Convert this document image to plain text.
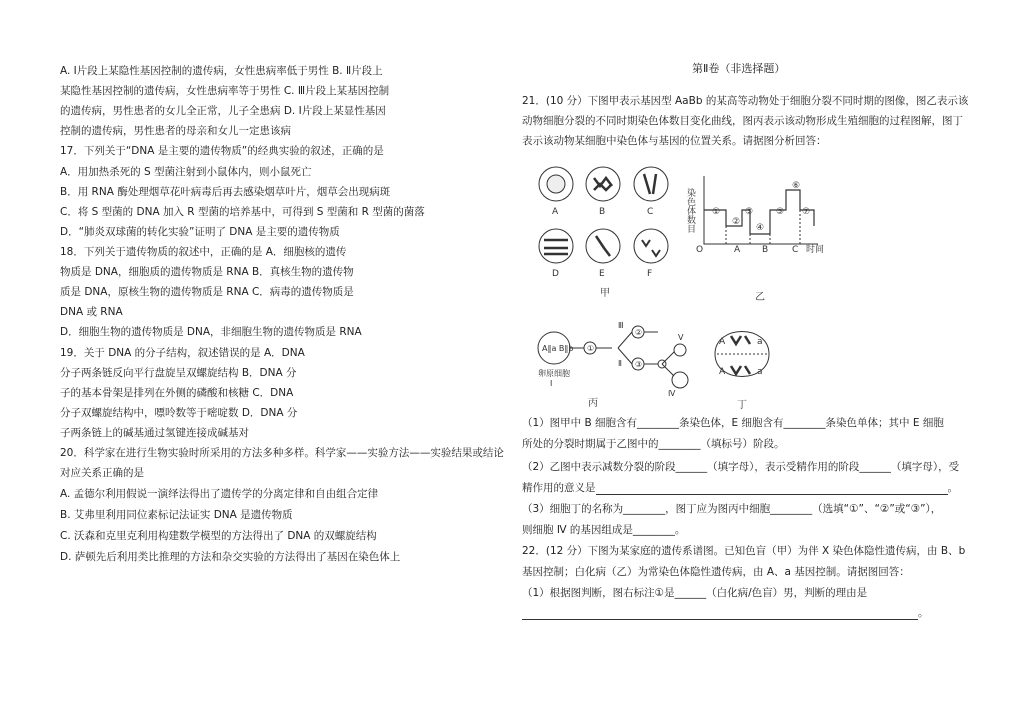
A. Ⅰ片段上某隐性基因控制的遗传病，女性患病率低于男性 B. Ⅱ片段上
某隐性基因控制的遗传病，女性患病率等于男性 C. Ⅲ片段上某基因控制
的遗传病，男性患者的女儿全正常，儿子全患病 D. Ⅰ片段上某显性基因
控制的遗传病，男性患者的母亲和女儿一定患该病
17．下列关于“DNA 是主要的遗传物质”的经典实验的叙述，正确的是
A．用加热杀死的 S 型菌注射到小鼠体内，则小鼠死亡
B．用 RNA 酶处理烟草花叶病毒后再去感染烟草叶片，烟草会出现病斑
C．将 S 型菌的 DNA 加入 R 型菌的培养基中，可得到 S 型菌和 R 型菌的菌落
D．“肺炎双球菌的转化实验”证明了 DNA 是主要的遗传物质
18．下列关于遗传物质的叙述中，正确的是 A．细胞核的遗传
物质是 DNA，细胞质的遗传物质是 RNA B．真核生物的遗传物
质是 DNA，原核生物的遗传物质是 RNA C．病毒的遗传物质是
DNA 或 RNA
D．细胞生物的遗传物质是 DNA，非细胞生物的遗传物质是 RNA
19．关于 DNA 的分子结构，叙述错误的是 A．DNA
分子两条链反向平行盘旋呈双螺旋结构 B．DNA 分
子的基本骨架是排列在外侧的磷酸和核糖 C．DNA
分子双螺旋结构中，嘌呤数等于嘧啶数 D．DNA 分
子两条链上的碱基通过氢键连接成碱基对
20．科学家在进行生物实验时所采用的方法多种多样。科学家——实验方法——实验结果或结论
对应关系正确的是
A. 孟德尔利用假说一演绎法得出了遗传学的分离定律和自由组合定律
B. 艾弗里利用同位素标记法证实 DNA 是遗传物质
C. 沃森和克里克利用构建数学模型的方法得出了 DNA 的双螺旋结构
D. 萨顿先后利用类比推理的方法和杂交实验的方法得出了基因在染色体上
第Ⅱ卷（非选择题）
21．(10 分）下图甲表示基因型 AaBb 的某高等动物处于细胞分裂不同时期的图像，图乙表示该
动物细胞分裂的不同时期染色体数目变化曲线，图丙表示该动物形成生殖细胞的过程图解，图丁
表示该动物某细胞中染色体与基因的位置关系。请据图分析回答：
A	B	C
D	E	F
甲
染色体数目
O	时间
A B	C
①
②
③
④
⑤
⑥
⑦
乙
A‖a B‖b ①
②
③
卵原细胞
Ⅰ
Ⅱ
Ⅲ
Ⅳ
Ⅴ
丙
A	a
A	a
丁
（1）图甲中 B 细胞含有________条染色体，E 细胞含有________条染色单体；其中 E 细胞
所处的分裂时期属于乙图中的________（填标号）阶段。
（2）乙图中表示减数分裂的阶段______（填字母），表示受精作用的阶段______（填字母），受
精作用的意义是	。
（3）细胞丁的名称为________，图丁应为图丙中细胞________（选填“①”、“②”或“③”），
则细胞 Ⅳ 的基因组成是________。
22．(12 分）下图为某家庭的遗传系谱图。已知色盲（甲）为伴 X 染色体隐性遗传病，由 B、b
基因控制；白化病（乙）为常染色体隐性遗传病，由 A、a 基因控制。请据图回答：
（1）根据图判断，图右标注①是______（白化病/色盲）男，判断的理由是
。
